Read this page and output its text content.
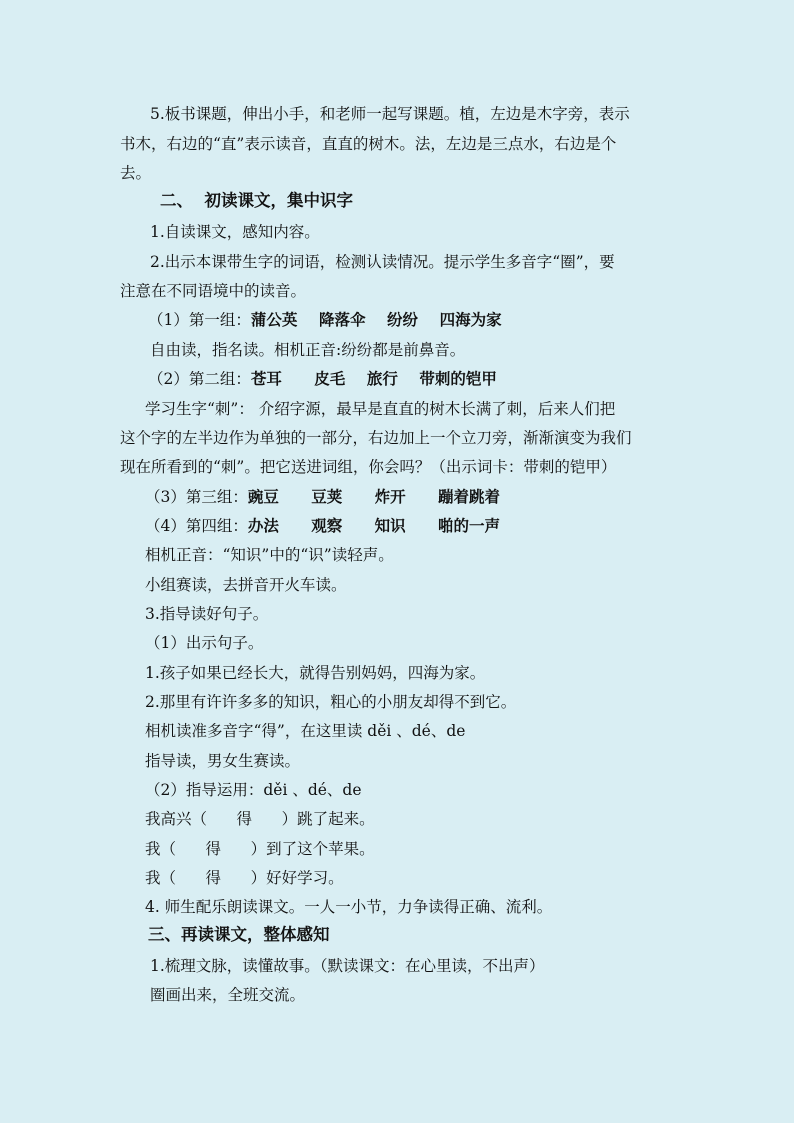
5.板书课题，伸出小手，和老师一起写课题。植，左边是木字旁，表示
书木，右边的“直”表示读音，直直的树木。法，左边是三点水，右边是个
去。
二、  初读课文，集中识字
1.自读课文，感知内容。
2.出示本课带生字的词语，检测认读情况。提示学生多音字“圈”，要
注意在不同语境中的读音。
（1）第一组：蒲公英    降落伞    纷纷    四海为家
自由读，指名读。相机正音:纷纷都是前鼻音。
（2）第二组：苍耳      皮毛    旅行    带刺的铠甲
学习生字“刺”： 介绍字源，最早是直直的树木长满了刺，后来人们把
这个字的左半边作为单独的一部分，右边加上一个立刀旁，渐渐演变为我们
现在所看到的“刺”。把它送进词组，你会吗？（出示词卡：带刺的铠甲）
（3）第三组：豌豆      豆荚      炸开      蹦着跳着
（4）第四组：办法      观察      知识      啪的一声
相机正音：“知识”中的“识”读轻声。
小组赛读，去拼音开火车读。
3.指导读好句子。
（1）出示句子。
1.孩子如果已经长大，就得告别妈妈，四海为家。
2.那里有许许多多的知识，粗心的小朋友却得不到它。
相机读准多音字“得”，在这里读 děi 、dé、de
指导读，男女生赛读。
（2）指导运用：děi 、dé、de
我高兴（      得      ）跳了起来。
我（      得      ）到了这个苹果。
我（      得      ）好好学习。
4. 师生配乐朗读课文。一人一小节，力争读得正确、流利。
三、再读课文，整体感知
1.梳理文脉，读懂故事。（默读课文：在心里读，不出声）
圈画出来，全班交流。
